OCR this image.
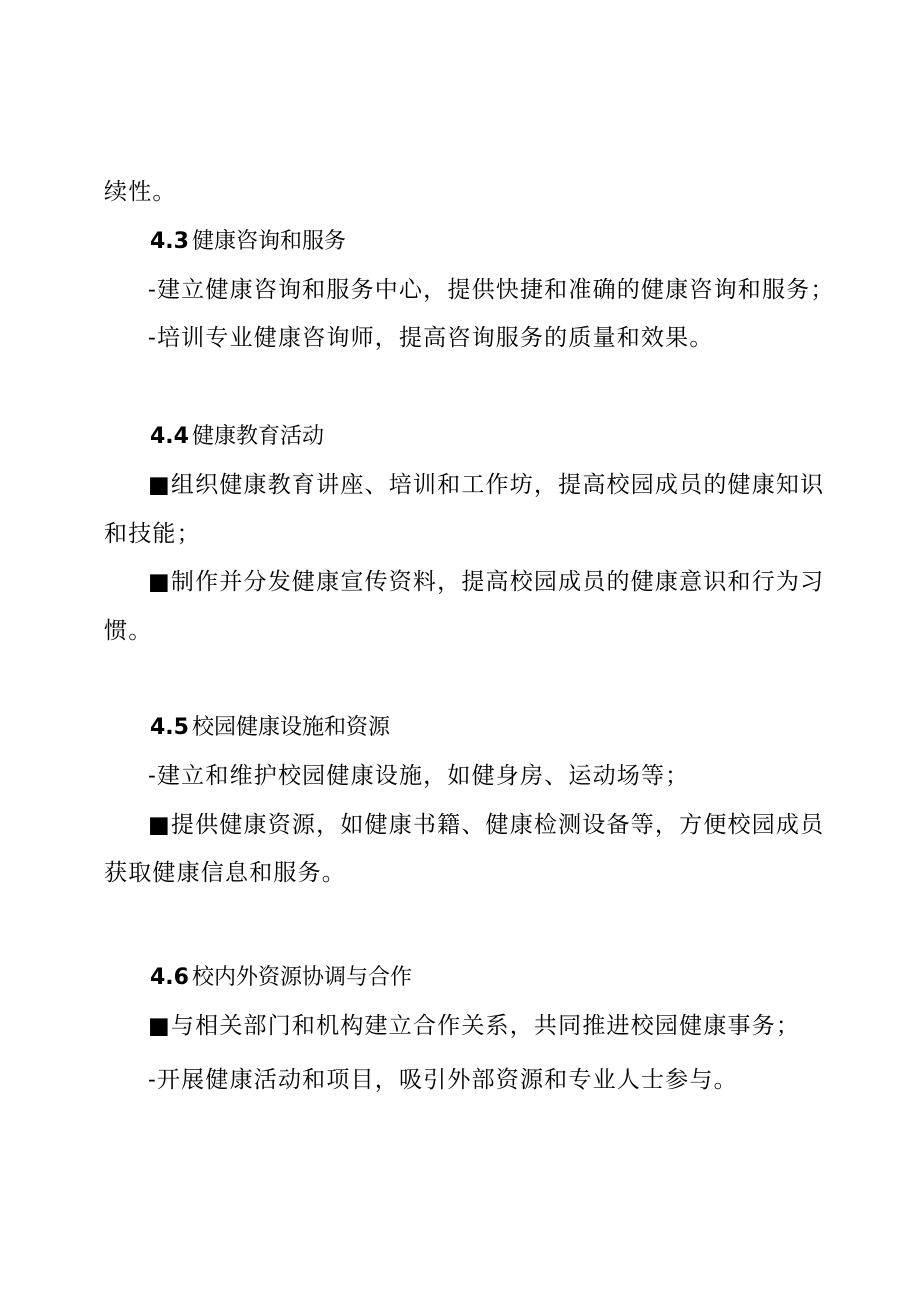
续性。
4.3 健康咨询和服务
-建立健康咨询和服务中心，提供快捷和准确的健康咨询和服务；
-培训专业健康咨询师，提高咨询服务的质量和效果。
4.4 健康教育活动
■组织健康教育讲座、培训和工作坊，提高校园成员的健康知识
和技能；
■制作并分发健康宣传资料，提高校园成员的健康意识和行为习
惯。
4.5 校园健康设施和资源
-建立和维护校园健康设施，如健身房、运动场等；
■提供健康资源，如健康书籍、健康检测设备等，方便校园成员
获取健康信息和服务。
4.6 校内外资源协调与合作
■与相关部门和机构建立合作关系，共同推进校园健康事务；
-开展健康活动和项目，吸引外部资源和专业人士参与。
